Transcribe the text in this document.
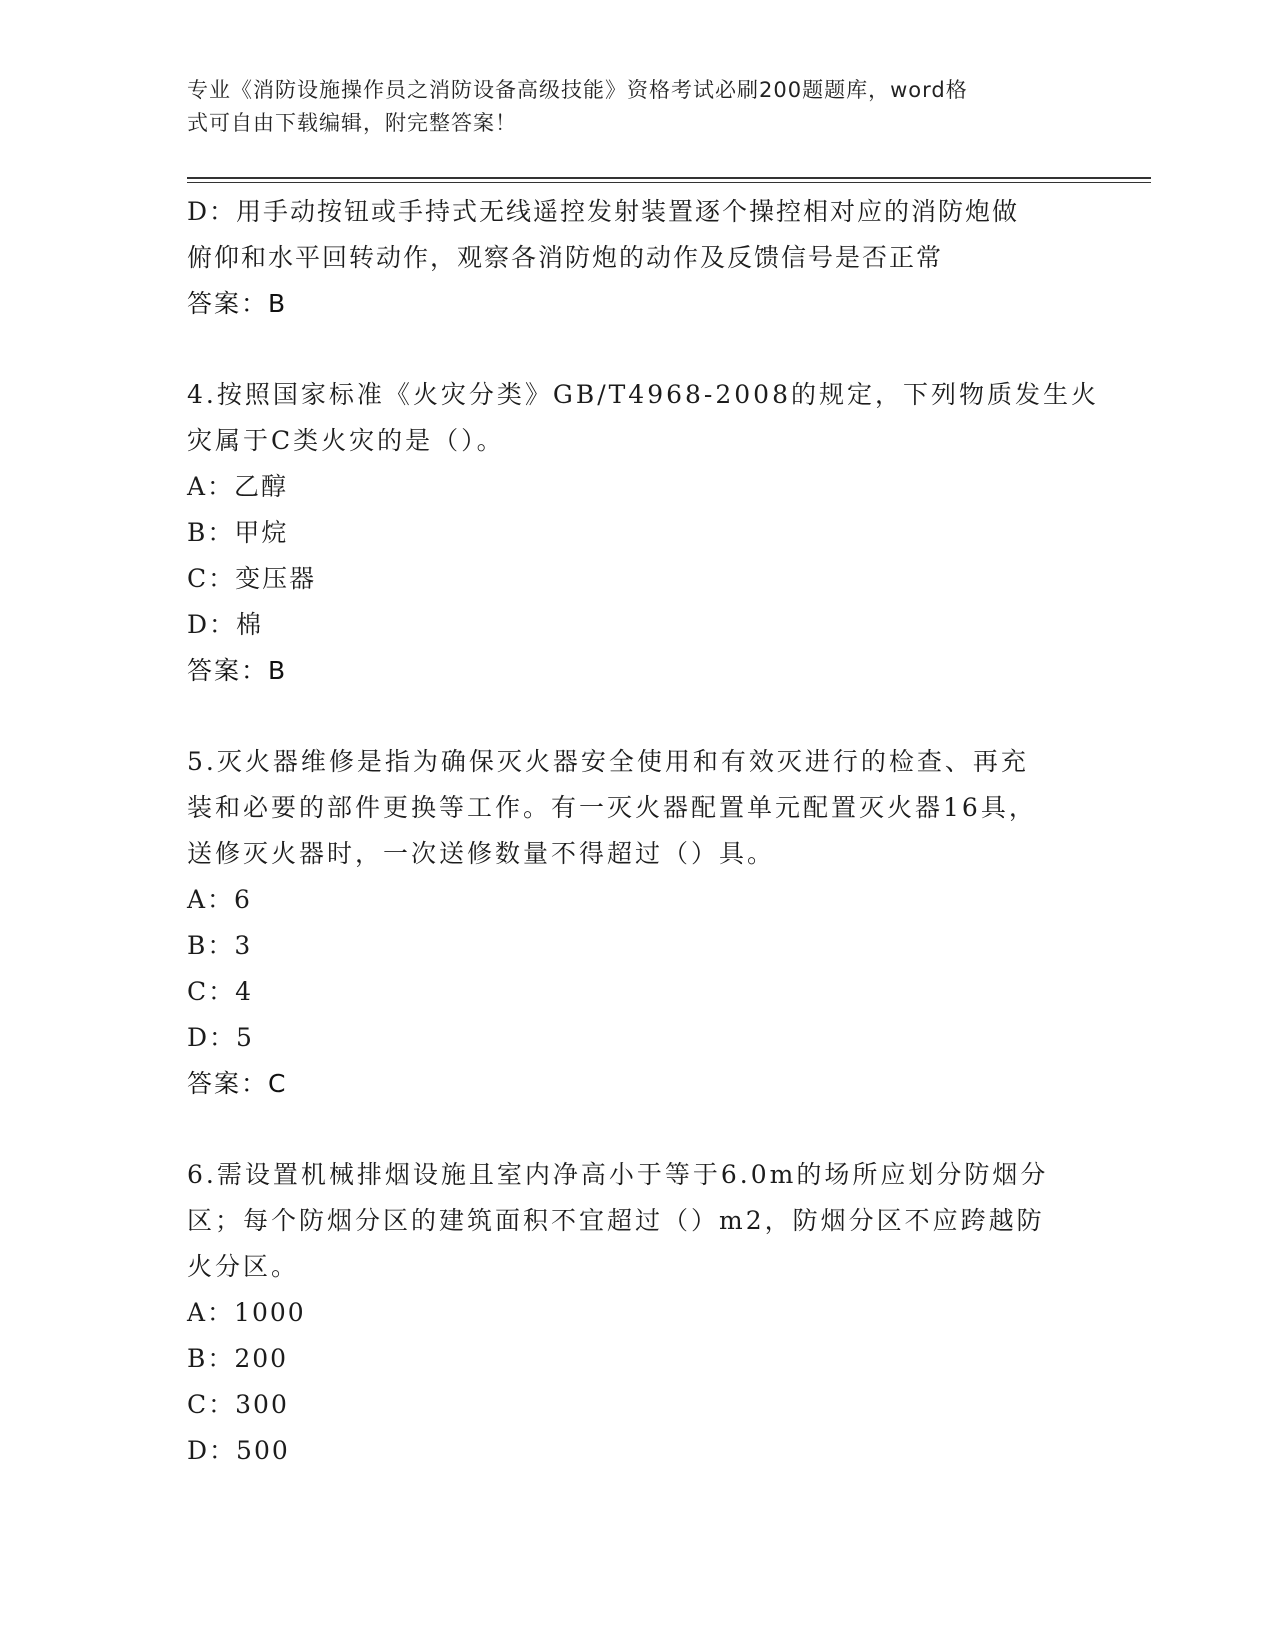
专业《消防设施操作员之消防设备高级技能》资格考试必刷200题题库，word格
式可自由下载编辑，附完整答案！
D：用手动按钮或手持式无线遥控发射装置逐个操控相对应的消防炮做
俯仰和水平回转动作，观察各消防炮的动作及反馈信号是否正常
答案：B
4.按照国家标准《火灾分类》GB/T4968-2008的规定，下列物质发生火
灾属于C类火灾的是（）。
A：乙醇
B：甲烷
C：变压器
D：棉
答案：B
5.灭火器维修是指为确保灭火器安全使用和有效灭进行的检查、再充
装和必要的部件更换等工作。有一灭火器配置单元配置灭火器16具，
送修灭火器时，一次送修数量不得超过（）具。
A：6
B：3
C：4
D：5
答案：C
6.需设置机械排烟设施且室内净高小于等于6.0m的场所应划分防烟分
区；每个防烟分区的建筑面积不宜超过（）m2，防烟分区不应跨越防
火分区。
A：1000
B：200
C：300
D：500
